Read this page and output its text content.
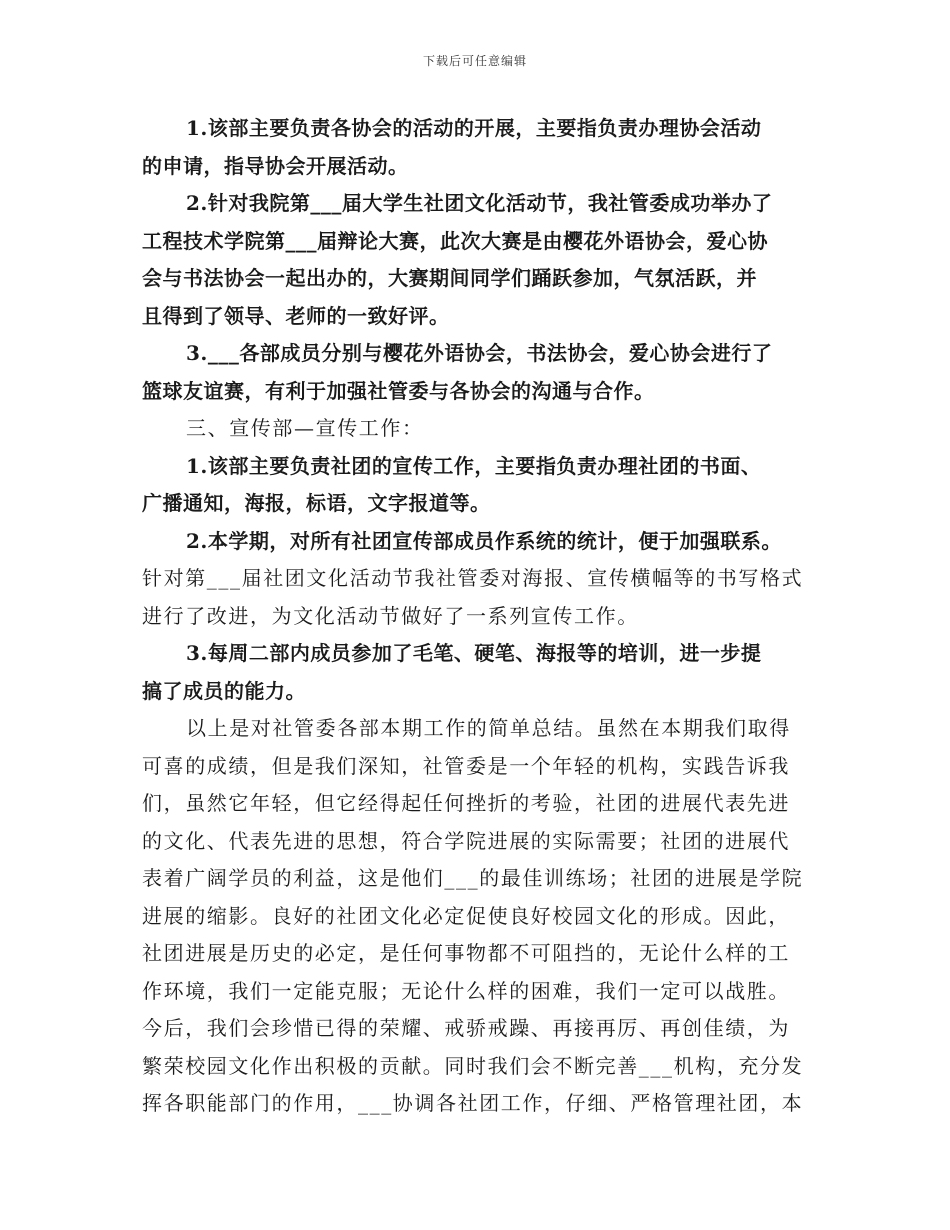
下载后可任意编辑
1.该部主要负责各协会的活动的开展，主要指负责办理协会活动
的申请，指导协会开展活动。
2.针对我院第___届大学生社团文化活动节，我社管委成功举办了
工程技术学院第___届辩论大赛，此次大赛是由樱花外语协会，爱心协
会与书法协会一起出办的，大赛期间同学们踊跃参加，气氛活跃，并
且得到了领导、老师的一致好评。
3.___各部成员分别与樱花外语协会，书法协会，爱心协会进行了
篮球友谊赛，有利于加强社管委与各协会的沟通与合作。
三、宣传部—宣传工作：
1.该部主要负责社团的宣传工作，主要指负责办理社团的书面、
广播通知，海报，标语，文字报道等。
2.本学期，对所有社团宣传部成员作系统的统计，便于加强联系。
针对第___届社团文化活动节我社管委对海报、宣传横幅等的书写格式
进行了改进，为文化活动节做好了一系列宣传工作。
3.每周二部内成员参加了毛笔、硬笔、海报等的培训，进一步提
搞了成员的能力。
以上是对社管委各部本期工作的简单总结。虽然在本期我们取得
可喜的成绩，但是我们深知，社管委是一个年轻的机构，实践告诉我
们，虽然它年轻，但它经得起任何挫折的考验，社团的进展代表先进
的文化、代表先进的思想，符合学院进展的实际需要；社团的进展代
表着广阔学员的利益，这是他们___的最佳训练场；社团的进展是学院
进展的缩影。良好的社团文化必定促使良好校园文化的形成。因此，
社团进展是历史的必定，是任何事物都不可阻挡的，无论什么样的工
作环境，我们一定能克服；无论什么样的困难，我们一定可以战胜。
今后，我们会珍惜已得的荣耀、戒骄戒躁、再接再厉、再创佳绩，为
繁荣校园文化作出积极的贡献。同时我们会不断完善___机构，充分发
挥各职能部门的作用，___协调各社团工作，仔细、严格管理社团，本
